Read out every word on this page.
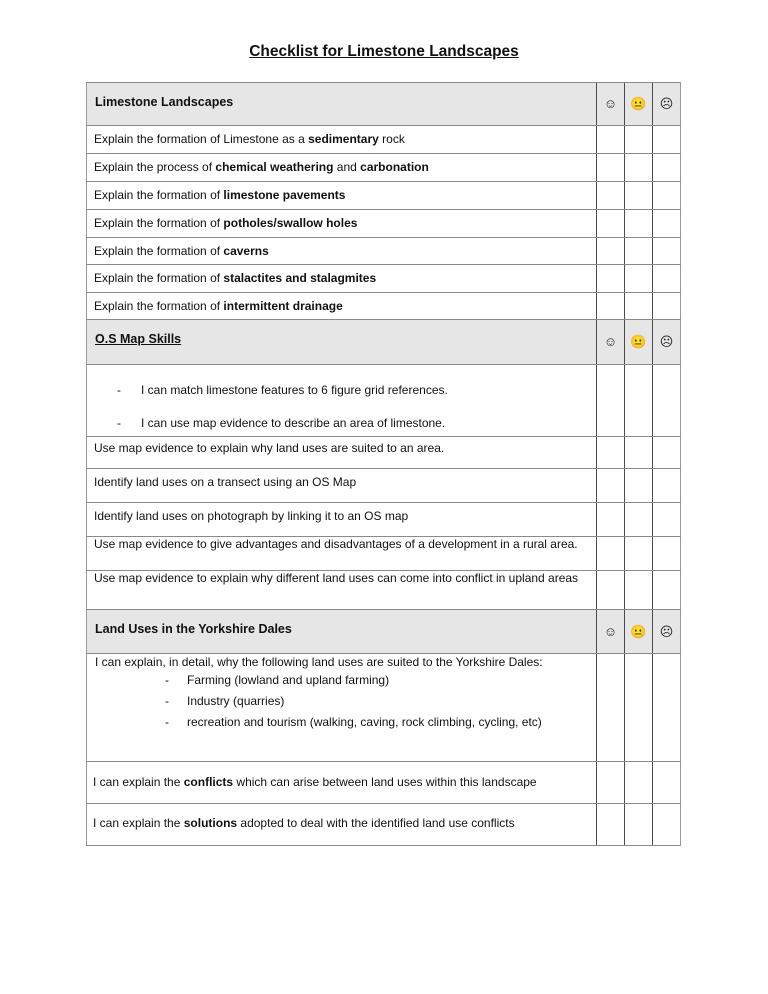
Checklist for Limestone Landscapes
Limestone Landscapes	☺	😐	☹
Explain the formation of Limestone as a sedimentary rock
Explain the process of chemical weathering and carbonation
Explain the formation of limestone pavements
Explain the formation of potholes/swallow holes
Explain the formation of caverns
Explain the formation of stalactites and stalagmites
Explain the formation of intermittent drainage
O.S Map Skills	☺	😐	☹
- I can match limestone features to 6 figure grid references.
- I can use map evidence to describe an area of limestone.
Use map evidence to explain why land uses are suited to an area.
Identify land uses on a transect using an OS Map
Identify land uses on photograph by linking it to an OS map
Use map evidence to give advantages and disadvantages of a development in a rural area.
Use map evidence to explain why different land uses can come into conflict in upland areas
Land Uses in the Yorkshire Dales	☺	😐	☹
I can explain, in detail, why the following land uses are suited to the Yorkshire Dales:
- Farming (lowland and upland farming)
- Industry (quarries)
- recreation and tourism (walking, caving, rock climbing, cycling, etc)
I can explain the conflicts which can arise between land uses within this landscape
I can explain the solutions adopted to deal with the identified land use conflicts
